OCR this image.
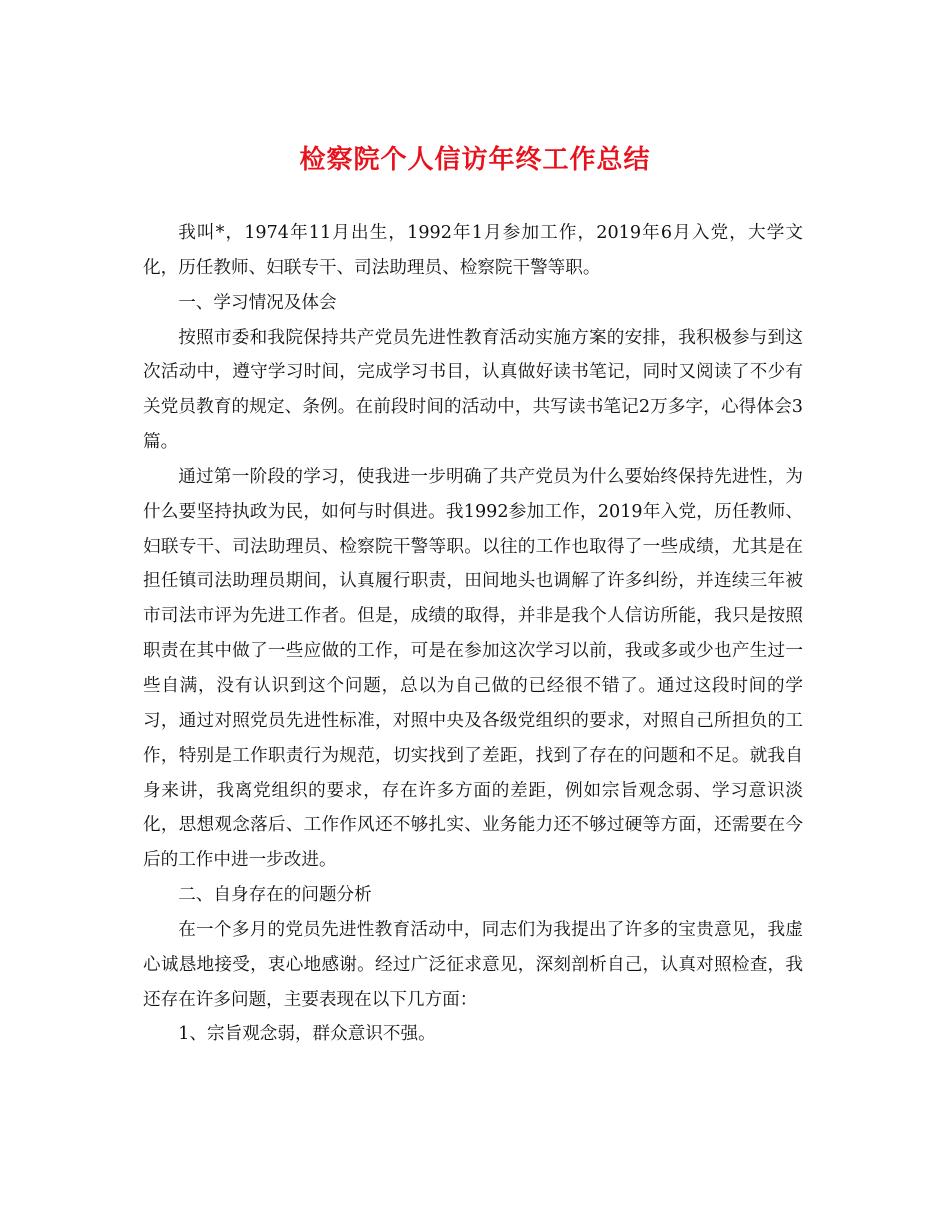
检察院个人信访年终工作总结

我叫*，1974年11月出生，1992年1月参加工作，2019年6月入党，大学文化，历任教师、妇联专干、司法助理员、检察院干警等职。

一、学习情况及体会

按照市委和我院保持共产党员先进性教育活动实施方案的安排，我积极参与到这次活动中，遵守学习时间，完成学习书目，认真做好读书笔记，同时又阅读了不少有关党员教育的规定、条例。在前段时间的活动中，共写读书笔记2万多字，心得体会3篇。

通过第一阶段的学习，使我进一步明确了共产党员为什么要始终保持先进性，为什么要坚持执政为民，如何与时俱进。我1992参加工作，2019年入党，历任教师、妇联专干、司法助理员、检察院干警等职。以往的工作也取得了一些成绩，尤其是在担任镇司法助理员期间，认真履行职责，田间地头也调解了许多纠纷，并连续三年被市司法市评为先进工作者。但是，成绩的取得，并非是我个人信访所能，我只是按照职责在其中做了一些应做的工作，可是在参加这次学习以前，我或多或少也产生过一些自满，没有认识到这个问题，总以为自己做的已经很不错了。通过这段时间的学习，通过对照党员先进性标准，对照中央及各级党组织的要求，对照自己所担负的工作，特别是工作职责行为规范，切实找到了差距，找到了存在的问题和不足。就我自身来讲，我离党组织的要求，存在许多方面的差距，例如宗旨观念弱、学习意识淡化，思想观念落后、工作作风还不够扎实、业务能力还不够过硬等方面，还需要在今后的工作中进一步改进。

二、自身存在的问题分析

在一个多月的党员先进性教育活动中，同志们为我提出了许多的宝贵意见，我虚心诚恳地接受，衷心地感谢。经过广泛征求意见，深刻剖析自己，认真对照检查，我还存在许多问题，主要表现在以下几方面：

1、宗旨观念弱，群众意识不强。
